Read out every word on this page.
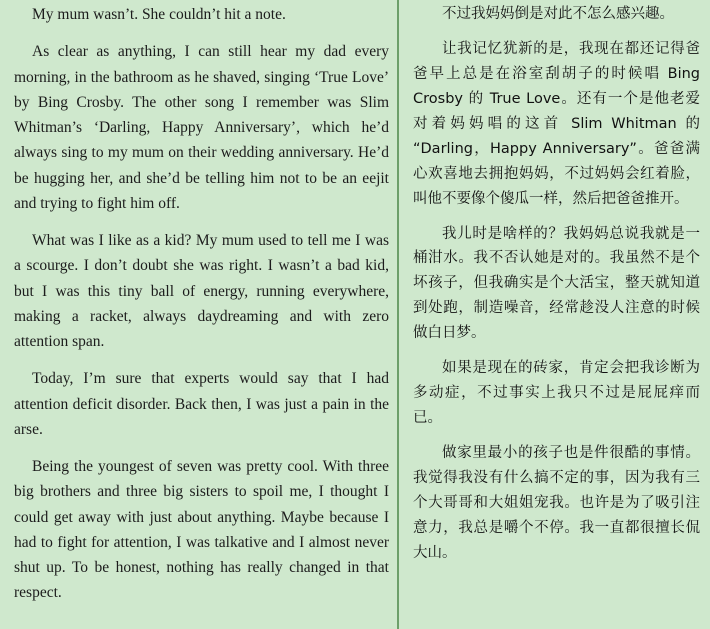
My mum wasn’t. She couldn’t hit a note.

As clear as anything, I can still hear my dad every morning, in the bathroom as he shaved, singing ‘True Love’ by Bing Crosby. The other song I remember was Slim Whitman’s ‘Darling, Happy Anniversary’, which he’d always sing to my mum on their wedding anniversary. He’d be hugging her, and she’d be telling him not to be an eejit and trying to fight him off.

What was I like as a kid? My mum used to tell me I was a scourge. I don’t doubt she was right. I wasn’t a bad kid, but I was this tiny ball of energy, running everywhere, making a racket, always daydreaming and with zero attention span.

Today, I’m sure that experts would say that I had attention deficit disorder. Back then, I was just a pain in the arse.

Being the youngest of seven was pretty cool. With three big brothers and three big sisters to spoil me, I thought I could get away with just about anything. Maybe because I had to fight for attention, I was talkative and I almost never shut up. To be honest, nothing has really changed in that respect.

不过我妈妈倒是对此不怎么感兴趣。

让我记忆犹新的是，我现在都还记得爸爸早上总是在浴室刮胡子的时候唱 Bing Crosby 的 True Love。还有一个是他老爱对着妈妈唱的这首 Slim Whitman 的 “Darling，Happy Anniversary”。爸爸满心欢喜地去拥抱妈妈，不过妈妈会红着脸，叫他不要像个傻瓜一样，然后把爸爸推开。

我儿时是啥样的？我妈妈总说我就是一桶泔水。我不否认她是对的。我虽然不是个坏孩子，但我确实是个大活宝，整天就知道到处跑，制造噪音，经常趁没人注意的时候做白日梦。

如果是现在的砖家，肯定会把我诊断为多动症，不过事实上我只不过是屁屁痒而已。

做家里最小的孩子也是件很酷的事情。我觉得我没有什么搞不定的事，因为我有三个大哥哥和大姐姐宠我。也许是为了吸引注意力，我总是嚼个不停。我一直都很擅长侃大山。
